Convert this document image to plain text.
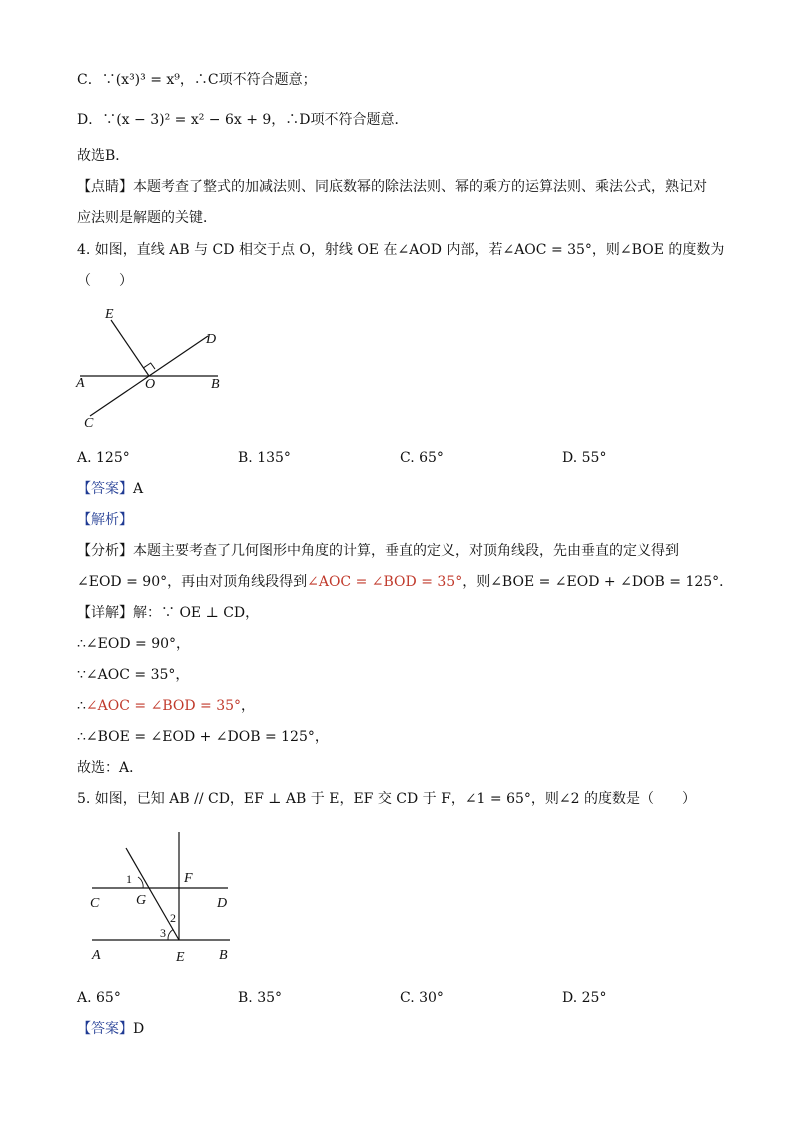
C．∵(x³)³ = x⁹，∴C项不符合题意；
D．∵(x − 3)² = x² − 6x + 9，∴D项不符合题意．
故选B．
【点睛】本题考查了整式的加减法则、同底数幂的除法法则、幂的乘方的运算法则、乘法公式，熟记对
应法则是解题的关键．
4. 如图，直线 AB 与 CD 相交于点 O，射线 OE 在∠AOD 内部，若∠AOC = 35°，则∠BOE 的度数为
（　　）
E
D
A	O	B
C
A. 125°	B. 135°	C. 65°	D. 55°
【答案】A
【解析】
【分析】本题主要考查了几何图形中角度的计算，垂直的定义，对顶角线段，先由垂直的定义得到
∠EOD = 90°，再由对顶角线段得到∠AOC = ∠BOD = 35°，则∠BOE = ∠EOD + ∠DOB = 125°．
【详解】解：∵ OE ⊥ CD，
∴∠EOD = 90°，
∵∠AOC = 35°，
∴∠AOC = ∠BOD = 35°，
∴∠BOE = ∠EOD + ∠DOB = 125°，
故选：A．
5. 如图，已知 AB // CD，EF ⊥ AB 于 E，EF 交 CD 于 F，∠1 = 65°，则∠2 的度数是（　　）
1	F
C	G	D
2
3
A	E B
A. 65°	B. 35°	C. 30°	D. 25°
【答案】D
